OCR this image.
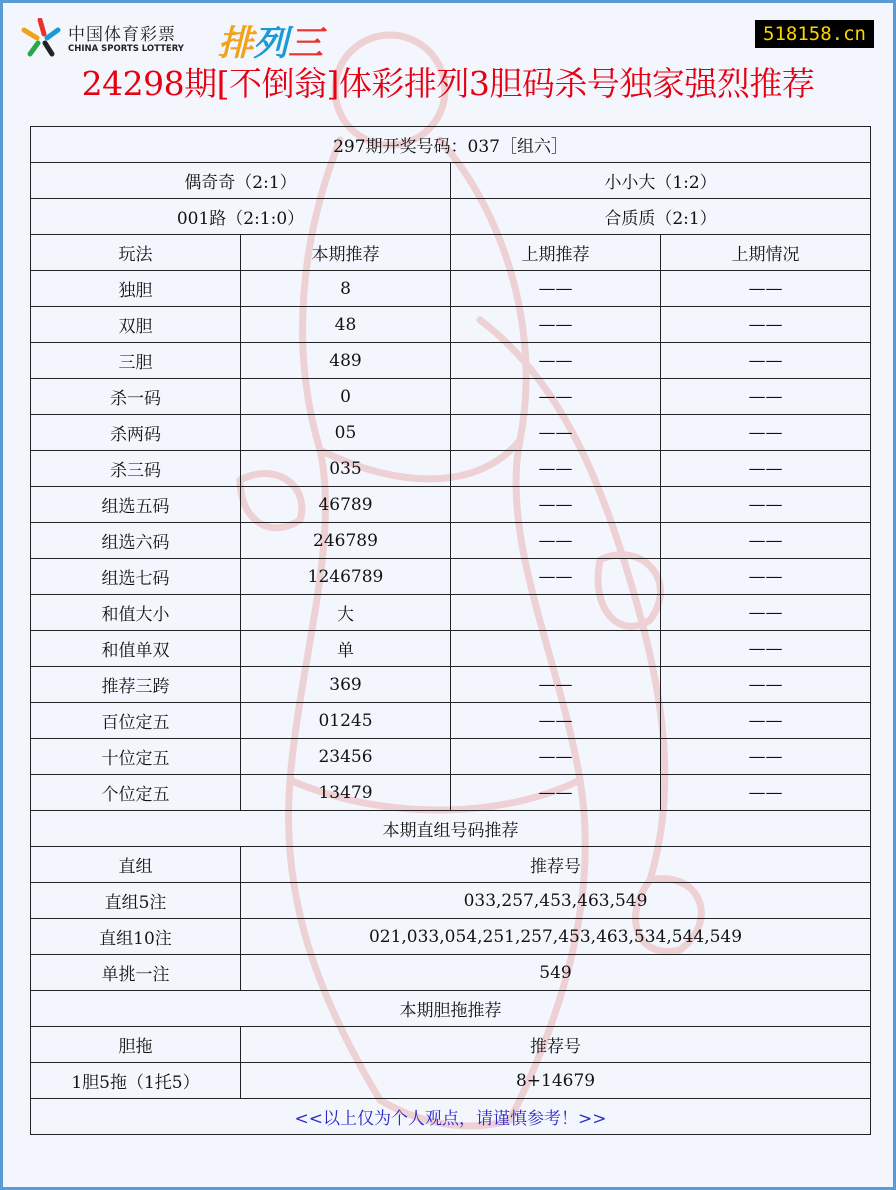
中国体育彩票
CHINA SPORTS LOTTERY 排列三	518158.cn
24298期[不倒翁]体彩排列3胆码杀号独家强烈推荐
297期开奖号码：037［组六］			
偶奇奇（2:1）		小小大（1:2）	
001路（2:1:0）		合质质（2:1）	
玩法	本期推荐	上期推荐	上期情况
独胆	8	——	——
双胆	48	——	——
三胆	489	——	——
杀一码	0	——	——
杀两码	05	——	——
杀三码	035	——	——
组选五码	46789	——	——
组选六码	246789	——	——
组选七码	1246789	——	——
和值大小	大		——
和值单双	单		——
推荐三跨	369	——	——
百位定五	01245	——	——
十位定五	23456	——	——
个位定五	13479	——	——
本期直组号码推荐			
直组	推荐号		
直组5注	033,257,453,463,549		
直组10注	021,033,054,251,257,453,463,534,544,549		
单挑一注	549		
本期胆拖推荐			
胆拖	推荐号		
1胆5拖（1托5）	8+14679		
<<以上仅为个人观点，请谨慎参考！>>			
